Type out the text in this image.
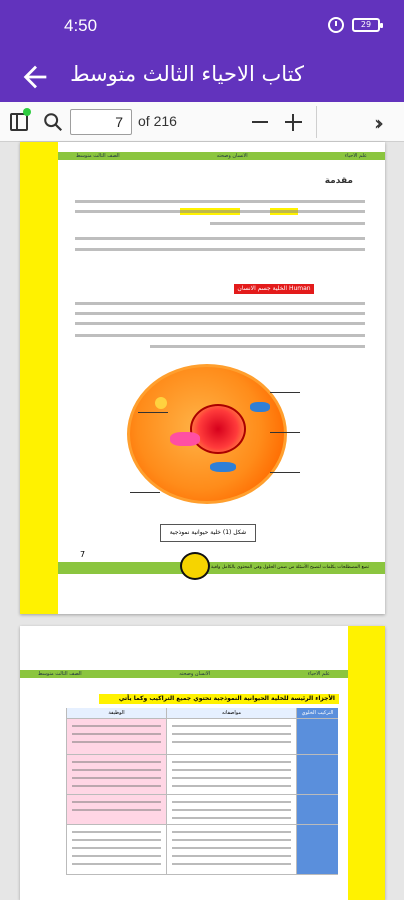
4:50	29
كتاب الاحياء الثالث متوسط
7
of 216	››
علم الاحياء
الانسان وصحته
الصف الثالث متوسط
مقدمة
الخلية جسم الانسان Human body cell
شكل (1) خلية حيوانية نموذجية
7
تضع المصطلحات بكلمات لتصبح الأسئلة من ضمن الحلول وفي المحتوى بالكامل وافية
علم الاحياء
الانسان وصحته
الصف الثالث متوسط
الأجزاء الرئيسة للخلية الحيوانية النموذجية تحتوي جميع التراكيب وكما يأتي
الوظيفة	مواصفاته	التركيب الخلوي
